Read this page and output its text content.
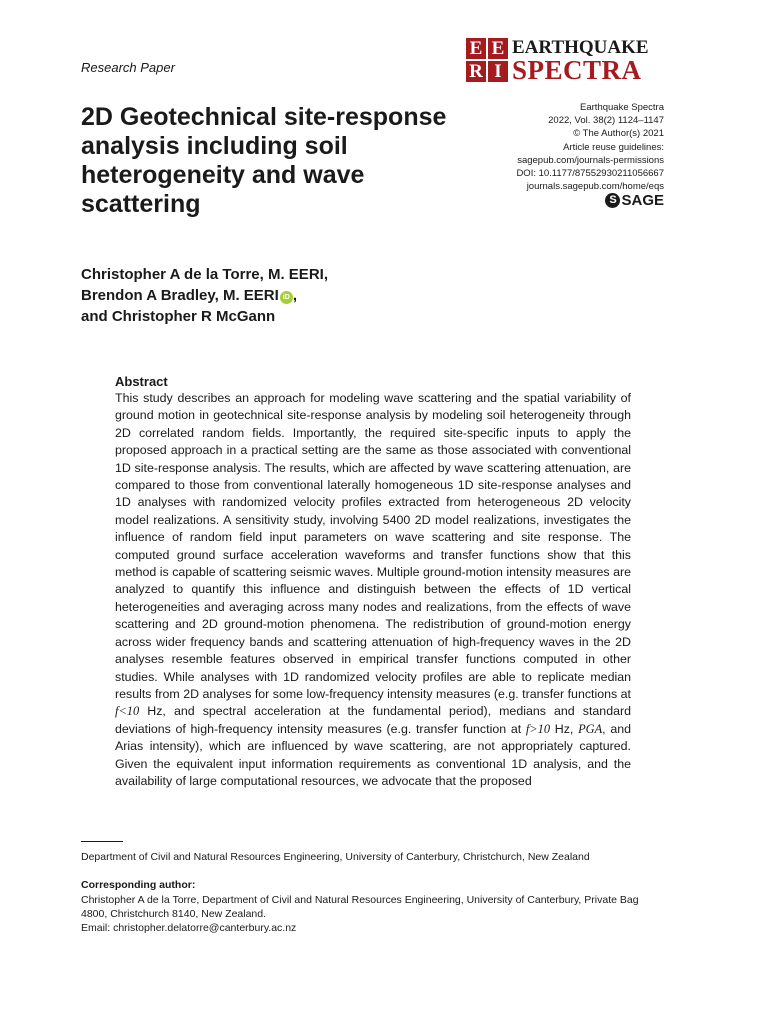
Research Paper
E E
R I
EARTHQUAKE
SPECTRA
Earthquake Spectra
2022, Vol. 38(2) 1124–1147
© The Author(s) 2021
Article reuse guidelines:
sagepub.com/journals-permissions
DOI: 10.1177/87552930211056667
journals.sagepub.com/home/eqs
S SAGE
2D Geotechnical site-response analysis including soil heterogeneity and wave scattering
Christopher A de la Torre, M. EERI,
Brendon A Bradley, M. EERI iD ,
and Christopher R McGann
Abstract

This study describes an approach for modeling wave scattering and the spatial variability of ground motion in geotechnical site-response analysis by modeling soil heterogeneity through 2D correlated random fields. Importantly, the required site-specific inputs to apply the proposed approach in a practical setting are the same as those associated with conventional 1D site-response analysis. The results, which are affected by wave scattering attenuation, are compared to those from conventional laterally homogeneous 1D site-response analyses and 1D analyses with randomized velocity profiles extracted from heterogeneous 2D velocity model realizations. A sensitivity study, involving 5400 2D model realizations, investigates the influence of random field input parameters on wave scattering and site response. The computed ground surface acceleration waveforms and transfer functions show that this method is capable of scattering seismic waves. Multiple ground-motion intensity measures are analyzed to quantify this influence and distinguish between the effects of 1D vertical heterogeneities and averaging across many nodes and realizations, from the effects of wave scattering and 2D ground-motion phenomena. The redistribution of ground-motion energy across wider frequency bands and scattering attenuation of high-frequency waves in the 2D analyses resemble features observed in empirical transfer functions computed in other studies. While analyses with 1D randomized velocity profiles are able to replicate median results from 2D analyses for some low-frequency intensity measures (e.g. transfer functions at f<10 Hz, and spectral acceleration at the fundamental period), medians and standard deviations of high-frequency intensity measures (e.g. transfer function at f>10 Hz, PGA, and Arias intensity), which are influenced by wave scattering, are not appropriately captured. Given the equivalent input information requirements as conventional 1D analysis, and the availability of large computational resources, we advocate that the proposed

Department of Civil and Natural Resources Engineering, University of Canterbury, Christchurch, New Zealand
Corresponding author:
Christopher A de la Torre, Department of Civil and Natural Resources Engineering, University of Canterbury, Private Bag 4800, Christchurch 8140, New Zealand.
Email: christopher.delatorre@canterbury.ac.nz
